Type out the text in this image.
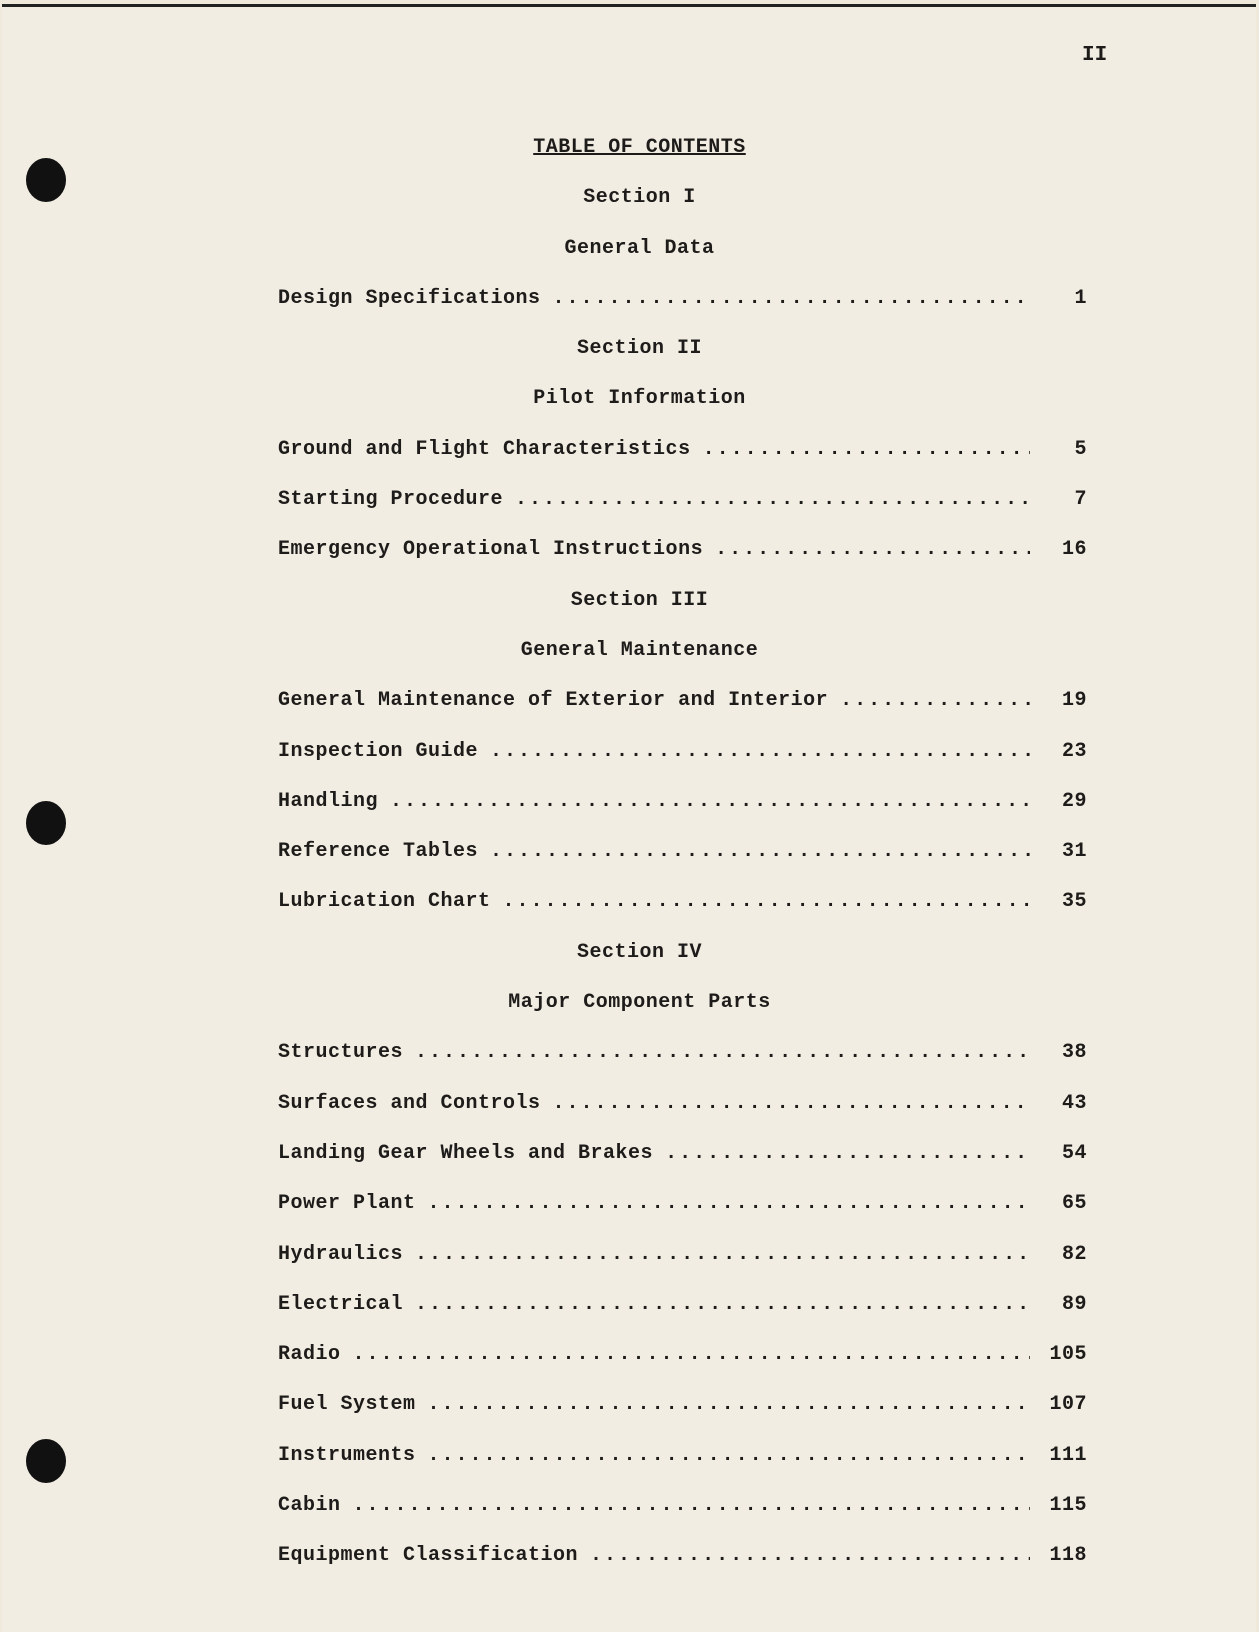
II
TABLE OF CONTENTS
Section I
General Data
Design Specifications .....	1
Section II
Pilot Information
Ground and Flight Characteristics .....	5
Starting Procedure .....	7
Emergency Operational Instructions .....	16
Section III
General Maintenance
General Maintenance of Exterior and Interior .....	19
Inspection Guide .....	23
Handling .....	29
Reference Tables .....	31
Lubrication Chart .....	35
Section IV
Major Component Parts
Structures .....	38
Surfaces and Controls .....	43
Landing Gear Wheels and Brakes .....	54
Power Plant .....	65
Hydraulics .....	82
Electrical .....	89
Radio .....	105
Fuel System .....	107
Instruments .....	111
Cabin .....	115
Equipment Classification .....	118
